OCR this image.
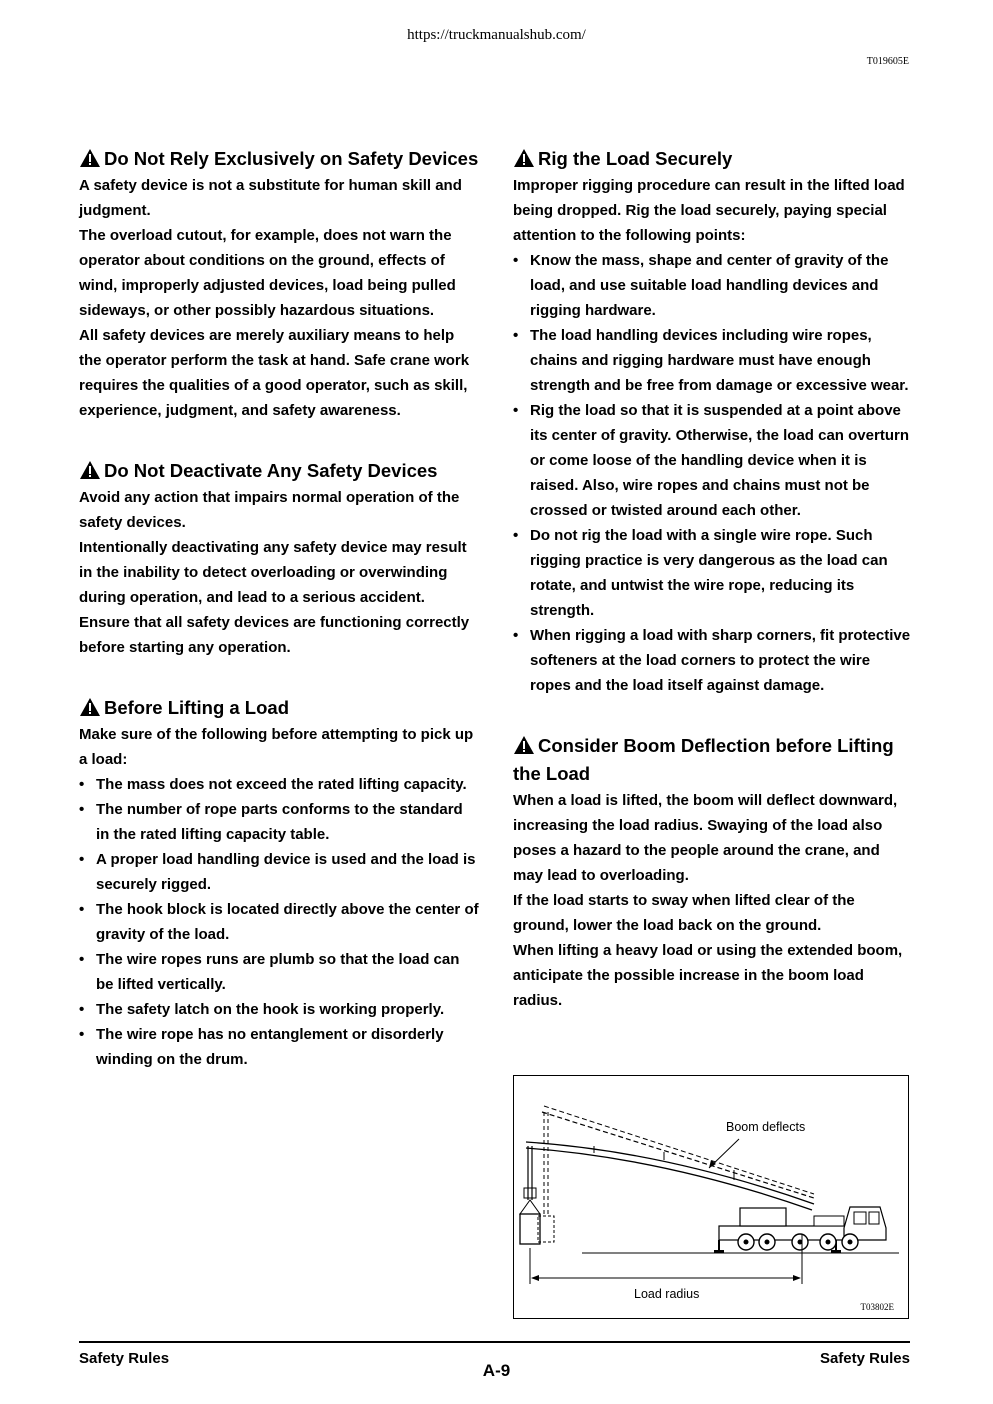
https://truckmanualshub.com/
T019605E
Do Not Rely Exclusively on Safety Devices

A safety device is not a substitute for human skill and judgment.

The overload cutout, for example, does not warn the operator about conditions on the ground, effects of wind, improperly adjusted devices, load being pulled sideways, or other possibly hazardous situations.

All safety devices are merely auxiliary means to help the operator perform the task at hand. Safe crane work requires the qualities of a good operator, such as skill, experience, judgment, and safety awareness.

Do Not Deactivate Any Safety Devices

Avoid any action that impairs normal operation of the safety devices.

Intentionally deactivating any safety device may result in the inability to detect overloading or overwinding during operation, and lead to a serious accident.

Ensure that all safety devices are functioning correctly before starting any operation.

Before Lifting a Load

Make sure of the following before attempting to pick up a load:

• The mass does not exceed the rated lifting capacity.
• The number of rope parts conforms to the standard in the rated lifting capacity table.
• A proper load handling device is used and the load is securely rigged.
• The hook block is located directly above the center of gravity of the load.
• The wire ropes runs are plumb so that the load can be lifted vertically.
• The safety latch on the hook is working properly.
• The wire rope has no entanglement or disorderly winding on the drum.
Rig the Load Securely

Improper rigging procedure can result in the lifted load being dropped. Rig the load securely, paying special attention to the following points:

• Know the mass, shape and center of gravity of the load, and use suitable load handling devices and rigging hardware.
• The load handling devices including wire ropes, chains and rigging hardware must have enough strength and be free from damage or excessive wear.
• Rig the load so that it is suspended at a point above its center of gravity. Otherwise, the load can overturn or come loose of the handling device when it is raised. Also, wire ropes and chains must not be crossed or twisted around each other.
• Do not rig the load with a single wire rope. Such rigging practice is very dangerous as the load can rotate, and untwist the wire rope, reducing its strength.
• When rigging a load with sharp corners, fit protective softeners at the load corners to protect the wire ropes and the load itself against damage.
Consider Boom Deflection before Lifting the Load

When a load is lifted, the boom will deflect downward, increasing the load radius. Swaying of the load also poses a hazard to the people around the crane, and may lead to overloading.

If the load starts to sway when lifted clear of the ground, lower the load back on the ground.

When lifting a heavy load or using the extended boom, anticipate the possible increase in the boom load radius.

Boom deflects
Load radius
T03802E
Safety Rules
A-9
Safety Rules
